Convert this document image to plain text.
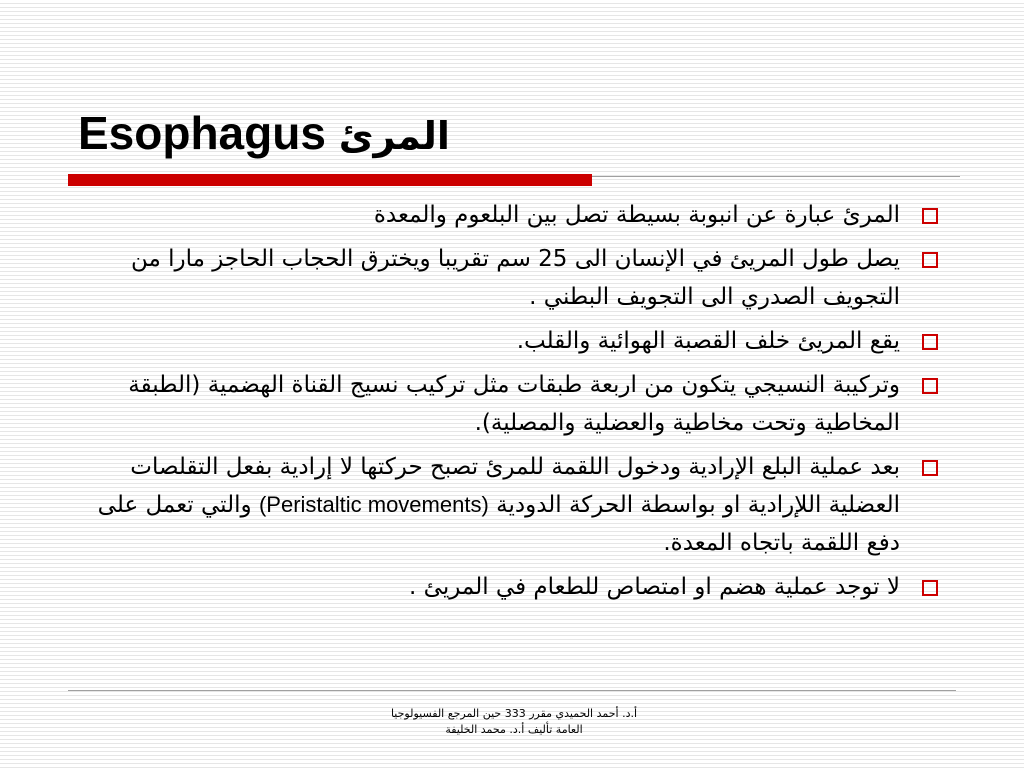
Esophagus المرئ
المرئ عبارة عن انبوبة بسيطة تصل بين البلعوم والمعدة
يصل طول المريئ في الإنسان الى 25 سم تقريبا ويخترق الحجاب الحاجز مارا من التجويف الصدري الى التجويف البطني .
يقع المريئ خلف القصبة الهوائية والقلب.
وتركيبة النسيجي يتكون من اربعة طبقات مثل تركيب نسيج القناة الهضمية (الطبقة المخاطية وتحت مخاطية والعضلية والمصلية).
بعد عملية البلع الإرادية ودخول اللقمة للمرئ تصبح حركتها لا إرادية بفعل التقلصات العضلية اللإرادية او بواسطة الحركة الدودية (Peristaltic movements) والتي تعمل على دفع اللقمة باتجاه المعدة.
لا توجد عملية هضم او امتصاص للطعام في المريئ .
أ.د. أحمد الحميدي مقرر 333 حين المرجع الفسيولوجيا
العامة تأليف أ.د. محمد الخليفة
